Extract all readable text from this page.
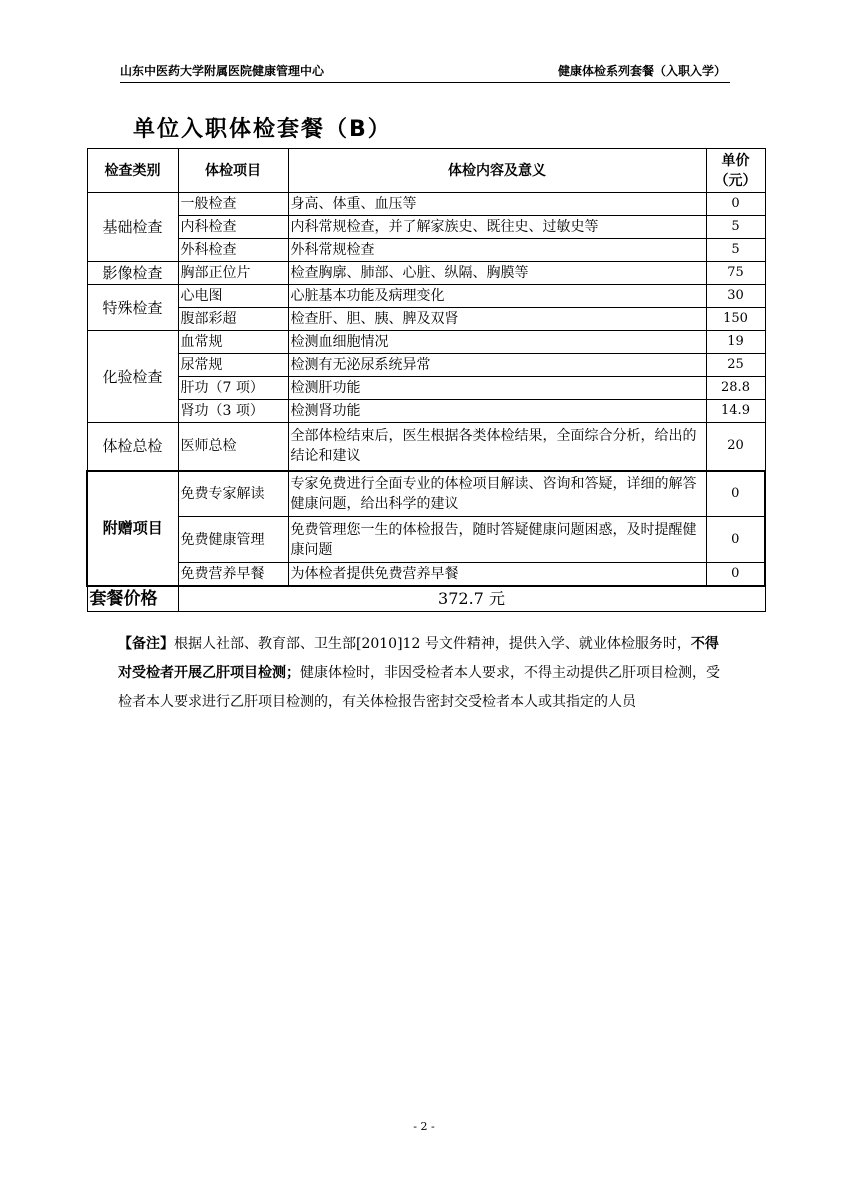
山东中医药大学附属医院健康管理中心	健康体检系列套餐（入职入学）
单位入职体检套餐（B）
检查类别	体检项目	体检内容及意义	单价
（元）

基础检查	一般检查	身高、体重、血压等	0
	内科检查	内科常规检查，并了解家族史、既往史、过敏史等	5
	外科检查	外科常规检查	5
影像检查	胸部正位片	检查胸廓、肺部、心脏、纵隔、胸膜等	75
特殊检查	心电图	心脏基本功能及病理变化	30
	腹部彩超	检查肝、胆、胰、脾及双肾	150
化验检查	血常规	检测血细胞情况	19
	尿常规	检测有无泌尿系统异常	25
	肝功（7 项）	检测肝功能	28.8
	肾功（3 项）	检测肾功能	14.9
体检总检	医师总检	全部体检结束后，医生根据各类体检结果，全面综合分析，给出的结论和建议	20
附赠项目	免费专家解读	专家免费进行全面专业的体检项目解读、咨询和答疑，详细的解答健康问题，给出科学的建议	0
	免费健康管理	免费管理您一生的体检报告，随时答疑健康问题困惑，及时提醒健康问题	0
	免费营养早餐	为体检者提供免费营养早餐	0
套餐价格	372.7 元		
【备注】根据人社部、教育部、卫生部[2010]12 号文件精神，提供入学、就业体检服务时，不得对受检者开展乙肝项目检测；健康体检时，非因受检者本人要求，不得主动提供乙肝项目检测，受检者本人要求进行乙肝项目检测的，有关体检报告密封交受检者本人或其指定的人员
- 2 -
